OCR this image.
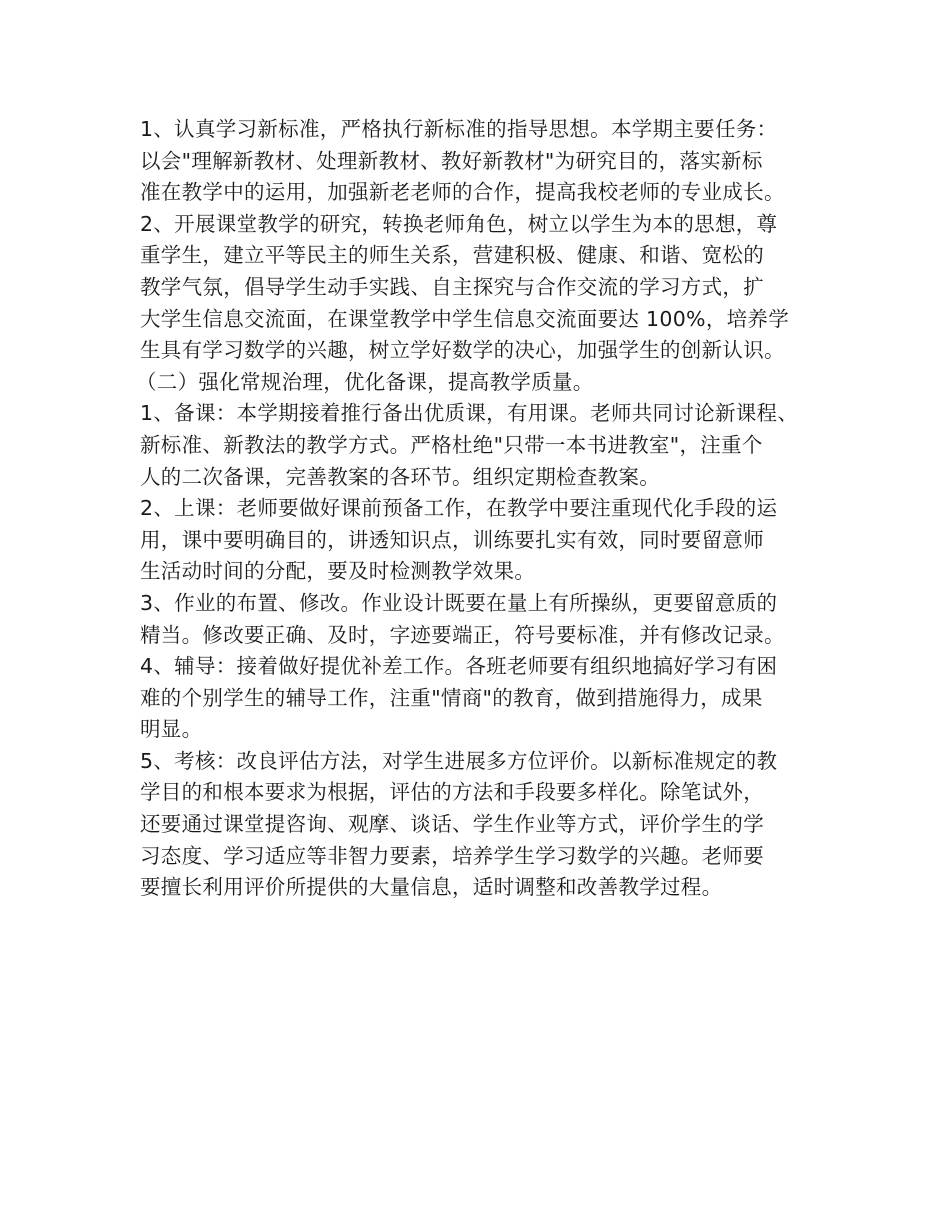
1、认真学习新标准，严格执行新标准的指导思想。本学期主要任务：
以会"理解新教材、处理新教材、教好新教材"为研究目的，落实新标
准在教学中的运用，加强新老老师的合作，提高我校老师的专业成长。
2、开展课堂教学的研究，转换老师角色，树立以学生为本的思想，尊
重学生，建立平等民主的师生关系，营建积极、健康、和谐、宽松的
教学气氛，倡导学生动手实践、自主探究与合作交流的学习方式，扩
大学生信息交流面，在课堂教学中学生信息交流面要达 100%，培养学
生具有学习数学的兴趣，树立学好数学的决心，加强学生的创新认识。
（二）强化常规治理，优化备课，提高教学质量。
1、备课：本学期接着推行备出优质课，有用课。老师共同讨论新课程、
新标准、新教法的教学方式。严格杜绝"只带一本书进教室"，注重个
人的二次备课，完善教案的各环节。组织定期检查教案。
2、上课：老师要做好课前预备工作，在教学中要注重现代化手段的运
用，课中要明确目的，讲透知识点，训练要扎实有效，同时要留意师
生活动时间的分配，要及时检测教学效果。
3、作业的布置、修改。作业设计既要在量上有所操纵，更要留意质的
精当。修改要正确、及时，字迹要端正，符号要标准，并有修改记录。
4、辅导：接着做好提优补差工作。各班老师要有组织地搞好学习有困
难的个别学生的辅导工作，注重"情商"的教育，做到措施得力，成果
明显。
5、考核：改良评估方法，对学生进展多方位评价。以新标准规定的教
学目的和根本要求为根据，评估的方法和手段要多样化。除笔试外，
还要通过课堂提咨询、观摩、谈话、学生作业等方式，评价学生的学
习态度、学习适应等非智力要素，培养学生学习数学的兴趣。老师要
要擅长利用评价所提供的大量信息，适时调整和改善教学过程。
